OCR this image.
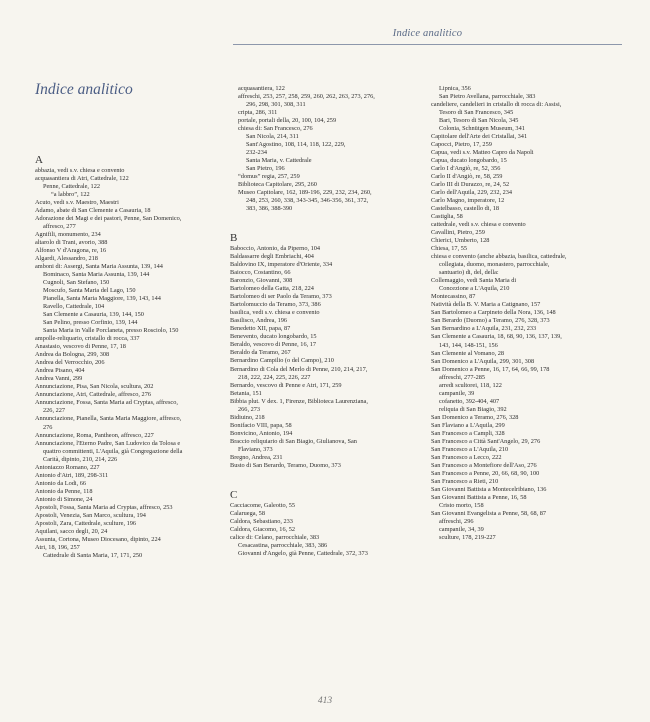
Indice analitico
Indice analitico
A
abbazia, vedi s.v. chiesa e convento
acquasantiera di Atri, Cattedrale, 122
Penne, Cattedrale, 122
“a labbro”, 122
Acuto, vedi s.v. Maestro, Maestri
Adamo, abate di San Clemente a Casauria, 18
Adorazione dei Magi e dei pastori, Penne, San Domenico,
affresco, 277
Agnifili, monumento, 234
altarolo di Trani, avorio, 388
Alfonso V d'Aragona, re, 16
Algardi, Alessandro, 218
amboni di: Assergi, Santa Maria Assunta, 139, 144
Bominaco, Santa Maria Assunta, 139, 144
Cugnoli, San Stefano, 150
Moscufo, Santa Maria del Lago, 150
Pianella, Santa Maria Maggiore, 139, 143, 144
Ravello, Cattedrale, 104
San Clemente a Casauria, 139, 144, 150
San Pelino, presso Corfinio, 139, 144
Santa Maria in Valle Porclaneta, presso Rosciolo, 150
ampolle-reliquario, cristallo di rocca, 337
Anastasio, vescovo di Penne, 17, 18
Andrea da Bologna, 299, 308
Andrea del Verrocchio, 206
Andrea Pisano, 404
Andrea Vanni, 299
Annunciazione, Pisa, San Nicola, scultura, 202
Annunciazione, Atri, Cattedrale, affresco, 276
Annunciazione, Fossa, Santa Maria ad Cryptas, affresco,
226, 227
Annunciazione, Pianella, Santa Maria Maggiore, affresco,
276
Annunciazione, Roma, Pantheon, affresco, 227
Annunciazione, l'Eterno Padre, San Ludovico da Tolosa e
quattro committenti, L'Aquila, già Congregazione della
Carità, dipinto, 210, 214, 226
Antoniazzo Romano, 227
Antonio d'Atri, 189, 298-311
Antonio da Lodi, 66
Antonio da Penne, 118
Antonio di Simone, 24
Apostoli, Fossa, Santa Maria ad Cryptas, affresco, 253
Apostoli, Venezia, San Marco, scultura, 194
Apostoli, Zara, Cattedrale, sculture, 196
Aquilani, sacco degli, 20, 24
Assunta, Cortona, Museo Diocesano, dipinto, 224
Atri, 18, 196, 257
Cattedrale di Santa Maria, 17, 171, 250
acquasantiera, 122
affreschi, 253, 257, 258, 259, 260, 262, 263, 273, 276,
296, 298, 301, 308, 311
cripta, 286, 311
portale, portali della, 20, 100, 104, 259
chiesa di: San Francesco, 276
San Nicola, 214, 311
Sant'Agostino, 108, 114, 118, 122, 229,
232-234
Santa Maria, v. Cattedrale
San Pietro, 196
“domus” regia, 257, 259
Biblioteca Capitolare, 295, 260
Museo Capitolare, 162, 189-196, 229, 232, 234, 260,
248, 253, 260, 338, 343-345, 346-356, 361, 372,
383, 386, 388-390
B
Baboccio, Antonio, da Piperno, 104
Baldassarre degli Embriachi, 404
Baldovino IX, imperatore d'Oriente, 334
Baiocco, Costantino, 66
Baronzio, Giovanni, 308
Bartolomeo della Gatta, 218, 224
Bartolomeo di ser Paolo da Teramo, 373
Bartolomuccio da Teramo, 373, 386
basilica, vedi s.v. chiesa e convento
Basilisco, Andrea, 196
Benedetto XII, papa, 87
Benevento, ducato longobardo, 15
Beraldo, vescovo di Penne, 16, 17
Beraldo da Teramo, 267
Bernardino Campilio (o del Campo), 210
Bernardino di Cola del Merlo di Penne, 210, 214, 217,
218, 222, 224, 225, 226, 227
Bernardo, vescovo di Penne e Atri, 171, 259
Betania, 151
Bibbia plut. V dex. 1, Firenze, Biblioteca Laurenziana,
266, 273
Bidiuino, 218
Bonifacio VIII, papa, 58
Bonvicino, Antonio, 194
Braccio reliquiario di San Biagio, Giulianova, San
Flaviano, 373
Bregno, Andrea, 231
Busto di San Berardo, Teramo, Duomo, 373
C
Cacciacome, Galeotto, 55
Calaruega, 58
Caldora, Sebastiano, 233
Caldora, Giacomo, 16, 52
calice di: Celano, parrocchiale, 383
Cesacastina, parrocchiale, 383, 386
Giovanni d'Angelo, già Penne, Cattedrale, 372, 373
Lipnica, 356
San Pietro Avellana, parrocchiale, 383
candeliere, candelieri in cristallo di rocca di: Assisi,
Tesoro di San Francesco, 345
Bari, Tesoro di San Nicola, 345
Colonia, Schnütgen Museum, 341
Capitolare dell'Arte dei Cristallai, 341
Capocci, Pietro, 17, 259
Capua, vedi s.v. Matteo Capro da Napoli
Capua, ducato longobardo, 15
Carlo I d'Angiò, re, 52, 356
Carlo II d'Angiò, re, 58, 259
Carlo III di Durazzo, re, 24, 52
Carlo dell'Aquila, 229, 232, 234
Carlo Magno, imperatore, 12
Castelbasso, castello di, 18
Castiglia, 58
cattedrale, vedi s.v. chiesa e convento
Cavallini, Pietro, 259
Chierici, Umberto, 128
Chiesa, 17, 55
chiesa e convento (anche abbazia, basilica, cattedrale,
collegiata, duomo, monastero, parrocchiale,
santuario) di, del, della:
Collemaggio, vedi Santa Maria di
Concezione a L'Aquila, 210
Montecassino, 87
Natività della B. V. Maria a Catignano, 157
San Bartolomeo a Carpineto della Nora, 136, 148
San Berardo (Duomo) a Teramo, 276, 328, 373
San Bernardino a L'Aquila, 231, 232, 233
San Clemente a Casauria, 18, 68, 90, 136, 137, 139,
143, 144, 148-151, 156
San Clemente al Vomano, 28
San Domenico a L'Aquila, 299, 301, 308
San Domenico a Penne, 16, 17, 64, 66, 99, 178
affreschi, 277-285
arredi scultorei, 118, 122
campanile, 39
cofanetto, 392-404, 407
reliquia di San Biagio, 392
San Domenico a Teramo, 276, 328
San Flaviano a L'Aquila, 299
San Francesco a Campli, 328
San Francesco a Città Sant'Angelo, 29, 276
San Francesco a L'Aquila, 210
San Francesco a Lecco, 222
San Francesco a Montefiore dell'Aso, 276
San Francesco a Penne, 20, 66, 68, 90, 100
San Francesco a Rieti, 210
San Giovanni Battista a Montecelribiano, 136
San Giovanni Battista a Penne, 16, 58
Cristo morto, 158
San Giovanni Evangelista a Penne, 58, 68, 87
affreschi, 296
campanile, 34, 39
sculture, 178, 219-227
413
